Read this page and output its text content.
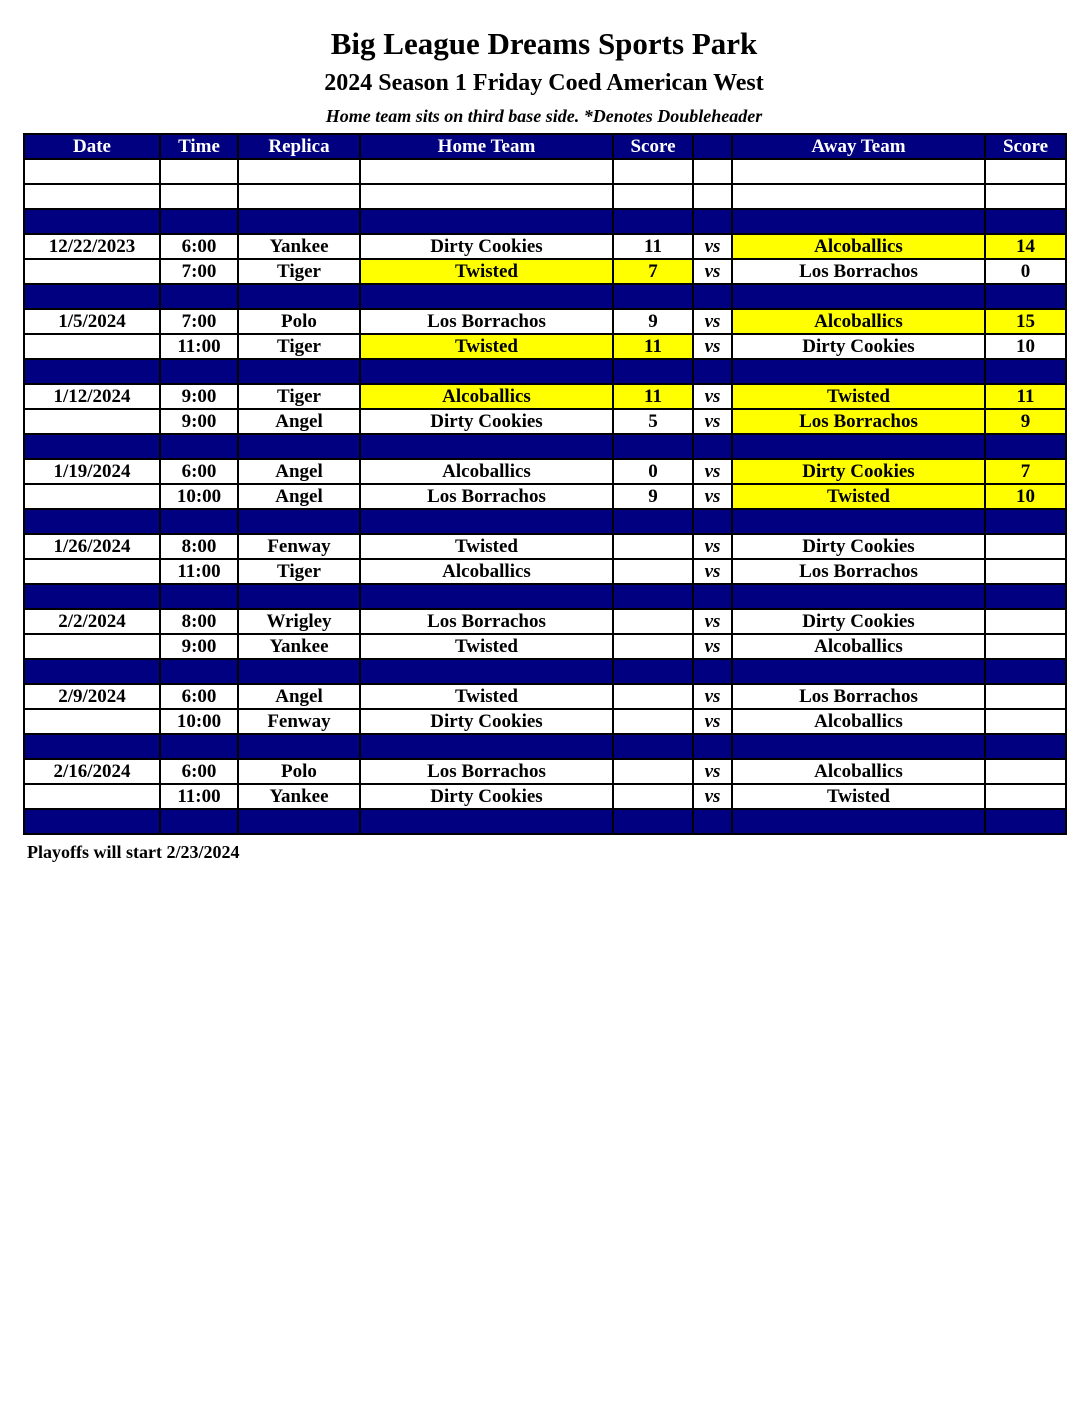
Big League Dreams Sports Park
2024 Season 1 Friday Coed American West
Home team sits on third base side. *Denotes Doubleheader
Date	Time	Replica	Home Team	Score		Away Team	Score

12/22/2023	6:00	Yankee	Dirty Cookies	11	vs	Alcoballics	14
	7:00	Tiger	Twisted	7	vs	Los Borrachos	0

1/5/2024	7:00	Polo	Los Borrachos	9	vs	Alcoballics	15
	11:00	Tiger	Twisted	11	vs	Dirty Cookies	10

1/12/2024	9:00	Tiger	Alcoballics	11	vs	Twisted	11
	9:00	Angel	Dirty Cookies	5	vs	Los Borrachos	9

1/19/2024	6:00	Angel	Alcoballics	0	vs	Dirty Cookies	7
	10:00	Angel	Los Borrachos	9	vs	Twisted	10

1/26/2024	8:00	Fenway	Twisted		vs	Dirty Cookies	
	11:00	Tiger	Alcoballics		vs	Los Borrachos	

2/2/2024	8:00	Wrigley	Los Borrachos		vs	Dirty Cookies	
	9:00	Yankee	Twisted		vs	Alcoballics	

2/9/2024	6:00	Angel	Twisted		vs	Los Borrachos	
	10:00	Fenway	Dirty Cookies		vs	Alcoballics	

2/16/2024	6:00	Polo	Los Borrachos		vs	Alcoballics	
	11:00	Yankee	Dirty Cookies		vs	Twisted	

Playoffs will start 2/23/2024
